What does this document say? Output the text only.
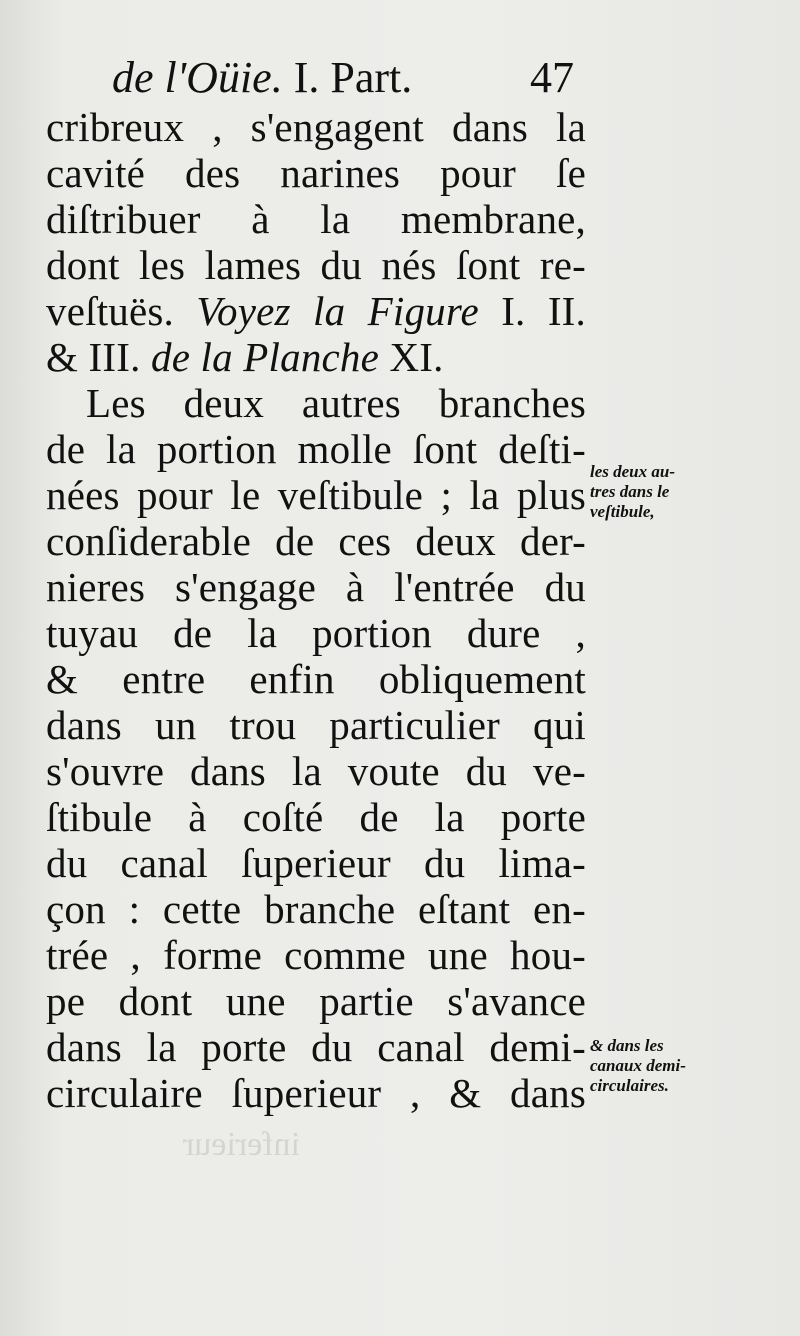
de l'Oüie. I. Part.	47
cribreux , s'engagent dans la
cavité des narines pour ſe
diſtribuer à la membrane,
dont les lames du nés ſont re-
veſtuës. Voyez la Figure I. II.
& III. de la Planche XI.
Les deux autres branches
de la portion molle ſont deſti-
nées pour le veſtibule ; la plus
conſiderable de ces deux der-
nieres s'engage à l'entrée du
tuyau de la portion dure ,
& entre enfin obliquement
dans un trou particulier qui
s'ouvre dans la voute du ve-
ſtibule à coſté de la porte
du canal ſuperieur du lima-
çon : cette branche eſtant en-
trée , forme comme une hou-
pe dont une partie s'avance
dans la porte du canal demi-
circulaire ſuperieur , & dans
les deux au-
tres dans le
veſtibule,
& dans les
canaux demi-
circulaires.
inferieur
